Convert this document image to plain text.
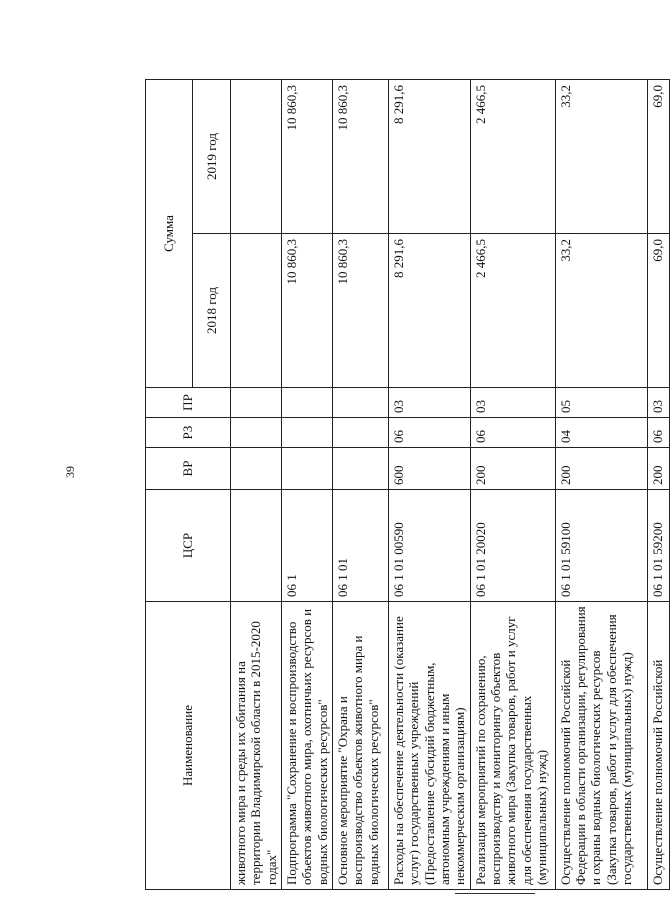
39
Наименование	ЦСР	ВР	РЗ	ПР	Сумма	
					2018 год	2019 год
животного мира и среды их обитания на территории Владимирской области в 2015-2020 годах"						
Подпрограмма "Сохранение и воспроизводство объектов животного мира, охотничьих ресурсов и водных биологических ресурсов"	06 1				10 860,3	10 860,3
Основное мероприятие "Охрана и воспроизводство объектов животного мира и водных биологических ресурсов"	06 1 01				10 860,3	10 860,3
Расходы на обеспечение деятельности (оказание услуг) государственных учреждений (Предоставление субсидий бюджетным, автономным учреждениям и иным некоммерческим организациям)	06 1 01 00590	600	06	03	8 291,6	8 291,6
Реализация мероприятий по сохранению, воспроизводству и мониторингу объектов животного мира (Закупка товаров, работ и услуг для обеспечения государственных (муниципальных) нужд)	06 1 01 20020	200	06	03	2 466,5	2 466,5
Осуществление полномочий Российской Федерации в области организации, регулирования и охраны водных биологических ресурсов (Закупка товаров, работ и услуг для обеспечения государственных (муниципальных) нужд)	06 1 01 59100	200	04	05	33,2	33,2
Осуществление полномочий Российской	06 1 01 59200	200	06	03	69,0	69,0
